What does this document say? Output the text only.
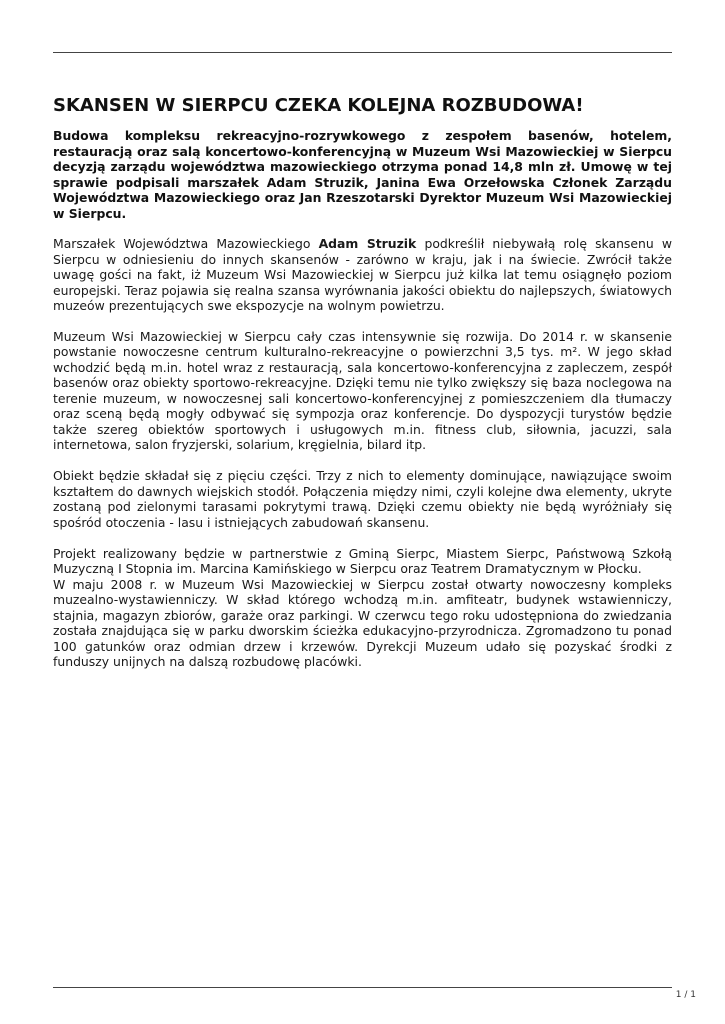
SKANSEN W SIERPCU CZEKA KOLEJNA ROZBUDOWA!

Budowa kompleksu rekreacyjno-rozrywkowego z zespołem basenów, hotelem, restauracją oraz salą koncertowo-konferencyjną w Muzeum Wsi Mazowieckiej w Sierpcu decyzją zarządu województwa mazowieckiego otrzyma ponad 14,8 mln zł. Umowę w tej sprawie podpisali marszałek Adam Struzik, Janina Ewa Orzełowska Członek Zarządu Województwa Mazowieckiego oraz Jan Rzeszotarski Dyrektor Muzeum Wsi Mazowieckiej w Sierpcu.

Marszałek Województwa Mazowieckiego Adam Struzik podkreślił niebywałą rolę skansenu w Sierpcu w odniesieniu do innych skansenów - zarówno w kraju, jak i na świecie. Zwrócił także uwagę gości na fakt, iż Muzeum Wsi Mazowieckiej w Sierpcu już kilka lat temu osiągnęło poziom europejski. Teraz pojawia się realna szansa wyrównania jakości obiektu do najlepszych, światowych muzeów prezentujących swe ekspozycje na wolnym powietrzu.

Muzeum Wsi Mazowieckiej w Sierpcu cały czas intensywnie się rozwija. Do 2014 r. w skansenie powstanie nowoczesne centrum kulturalno-rekreacyjne o powierzchni 3,5 tys. m². W jego skład wchodzić będą m.in. hotel wraz z restauracją, sala koncertowo-konferencyjna z zapleczem, zespół basenów oraz obiekty sportowo-rekreacyjne. Dzięki temu nie tylko zwiększy się baza noclegowa na terenie muzeum, w nowoczesnej sali koncertowo-konferencyjnej z pomieszczeniem dla tłumaczy oraz sceną będą mogły odbywać się sympozja oraz konferencje. Do dyspozycji turystów będzie także szereg obiektów sportowych i usługowych m.in. fitness club, siłownia, jacuzzi, sala internetowa, salon fryzjerski, solarium, kręgielnia, bilard itp.

Obiekt będzie składał się z pięciu części. Trzy z nich to elementy dominujące, nawiązujące swoim kształtem do dawnych wiejskich stodół. Połączenia między nimi, czyli kolejne dwa elementy, ukryte zostaną pod zielonymi tarasami pokrytymi trawą. Dzięki czemu obiekty nie będą wyróżniały się spośród otoczenia - lasu i istniejących zabudowań skansenu.

Projekt realizowany będzie w partnerstwie z Gminą Sierpc, Miastem Sierpc, Państwową Szkołą Muzyczną I Stopnia im. Marcina Kamińskiego w Sierpcu oraz Teatrem Dramatycznym w Płocku.

W maju 2008 r. w Muzeum Wsi Mazowieckiej w Sierpcu został otwarty nowoczesny kompleks muzealno-wystawienniczy. W skład którego wchodzą m.in. amfiteatr, budynek wstawienniczy, stajnia, magazyn zbiorów, garaże oraz parkingi. W czerwcu tego roku udostępniona do zwiedzania została znajdująca się w parku dworskim ścieżka edukacyjno-przyrodnicza. Zgromadzono tu ponad 100 gatunków oraz odmian drzew i krzewów. Dyrekcji Muzeum udało się pozyskać środki z funduszy unijnych na dalszą rozbudowę placówki.

1 / 1
